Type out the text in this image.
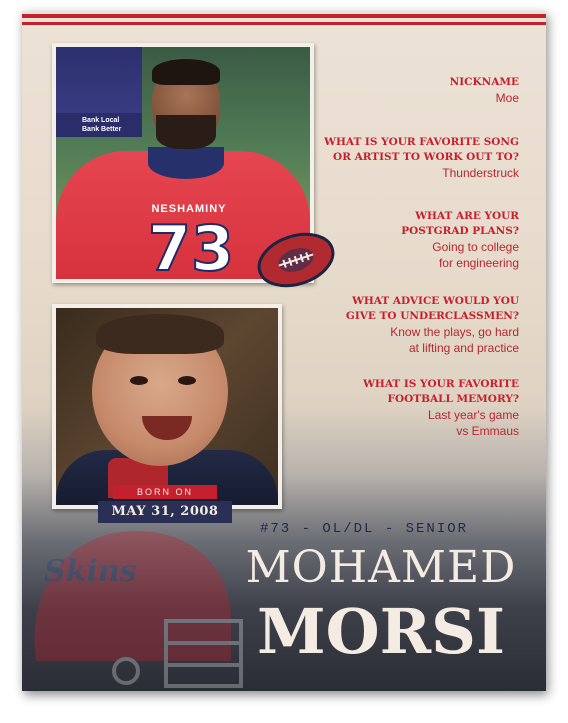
Bank Local
Bank Better
NESHAMINY
73
BORN ON
MAY 31, 2008
NICKNAME
Moe
WHAT IS YOUR FAVORITE SONG
OR ARTIST TO WORK OUT TO?
Thunderstruck
WHAT ARE YOUR
POSTGRAD PLANS?
Going to college
for engineering
WHAT ADVICE WOULD YOU
GIVE TO UNDERCLASSMEN?
Know the plays, go hard
at lifting and practice
WHAT IS YOUR FAVORITE
FOOTBALL MEMORY?
Last year's game
vs Emmaus
Skins
#73 - OL/DL - SENIOR
MOHAMED
MORSI
